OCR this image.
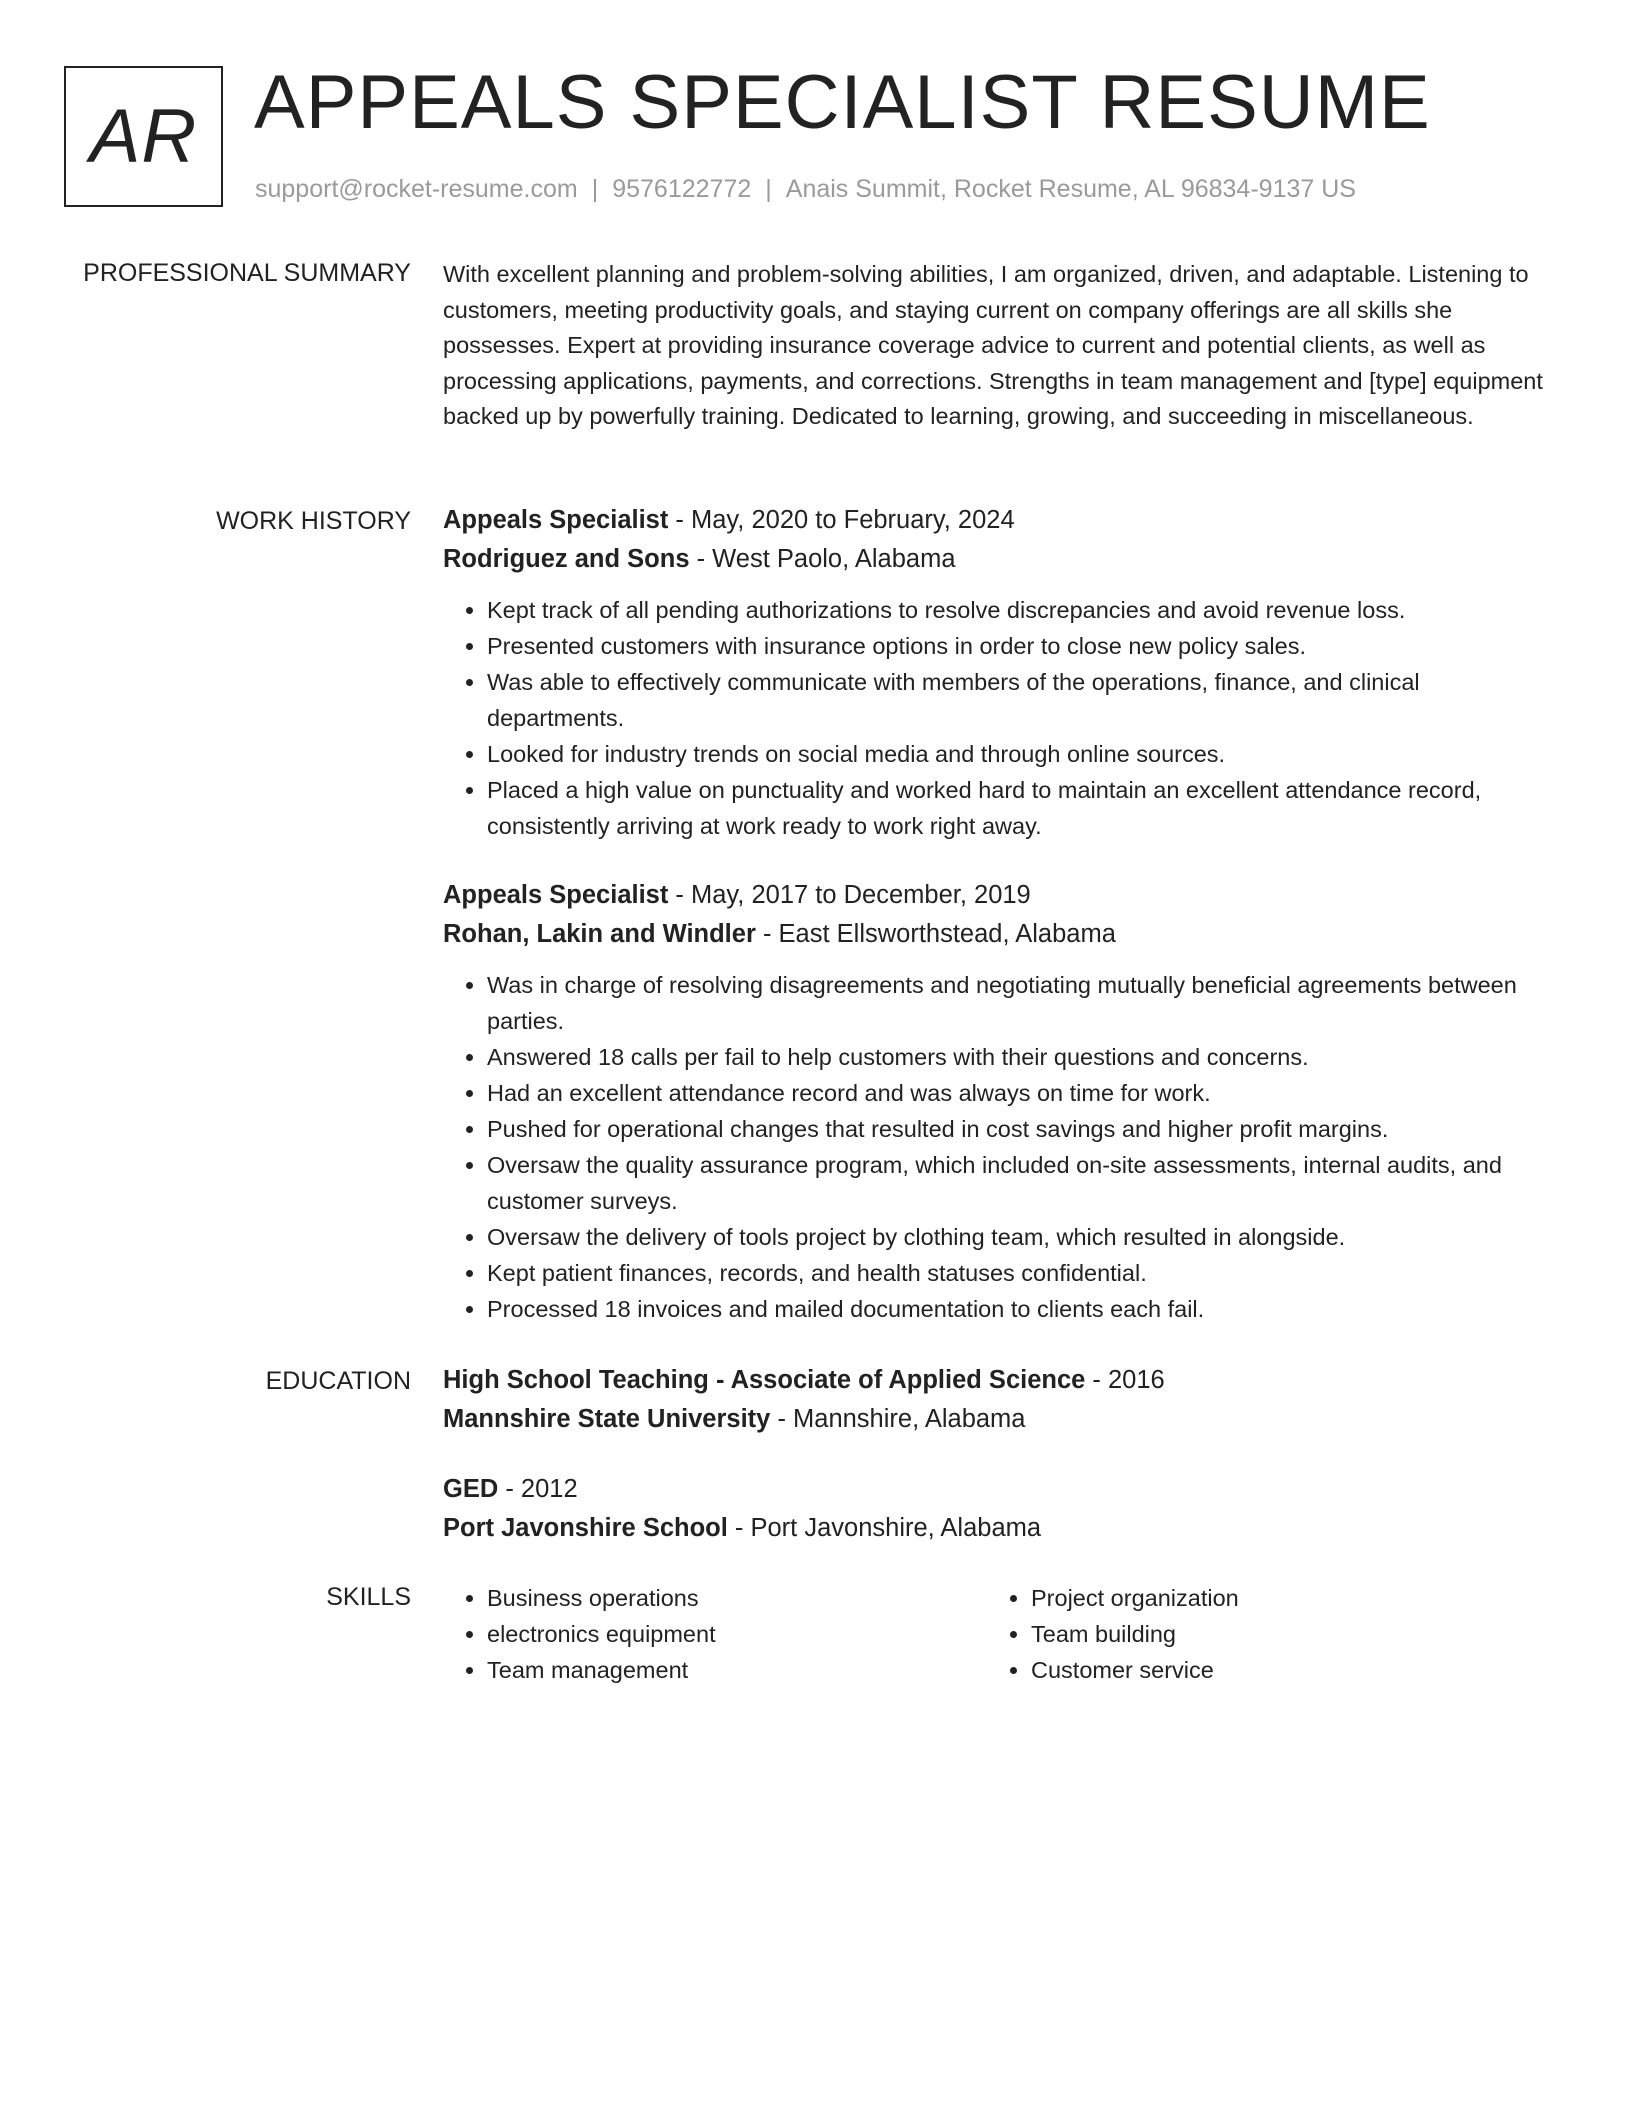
AR APPEALS SPECIALIST RESUME
support@rocket-resume.com | 9576122772 | Anais Summit, Rocket Resume, AL 96834-9137 US
PROFESSIONAL SUMMARY With excellent planning and problem-solving abilities, I am organized, driven, and adaptable. Listening to customers, meeting productivity goals, and staying current on company offerings are all skills she possesses. Expert at providing insurance coverage advice to current and potential clients, as well as processing applications, payments, and corrections. Strengths in team management and [type] equipment backed up by powerfully training. Dedicated to learning, growing, and succeeding in miscellaneous.
WORK HISTORY Appeals Specialist - May, 2020 to February, 2024
Rodriguez and Sons - West Paolo, Alabama
• Kept track of all pending authorizations to resolve discrepancies and avoid revenue loss.
• Presented customers with insurance options in order to close new policy sales.
• Was able to effectively communicate with members of the operations, finance, and clinical departments.
• Looked for industry trends on social media and through online sources.
• Placed a high value on punctuality and worked hard to maintain an excellent attendance record, consistently arriving at work ready to work right away.
Appeals Specialist - May, 2017 to December, 2019
Rohan, Lakin and Windler - East Ellsworthstead, Alabama
• Was in charge of resolving disagreements and negotiating mutually beneficial agreements between parties.
• Answered 18 calls per fail to help customers with their questions and concerns.
• Had an excellent attendance record and was always on time for work.
• Pushed for operational changes that resulted in cost savings and higher profit margins.
• Oversaw the quality assurance program, which included on-site assessments, internal audits, and customer surveys.
• Oversaw the delivery of tools project by clothing team, which resulted in alongside.
• Kept patient finances, records, and health statuses confidential.
• Processed 18 invoices and mailed documentation to clients each fail.
EDUCATION High School Teaching - Associate of Applied Science - 2016
Mannshire State University - Mannshire, Alabama
GED - 2012
Port Javonshire School - Port Javonshire, Alabama
SKILLS
•	Business operations
• electronics equipment
• Team management
• Project organization
• Team building
• Customer service
